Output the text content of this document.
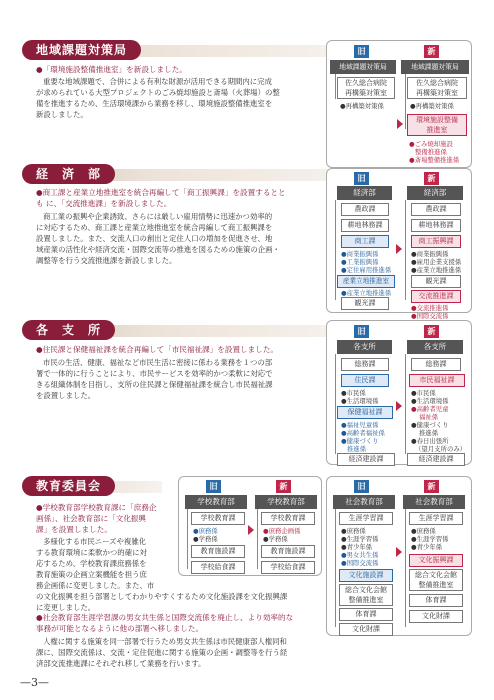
地域課題対策局
●「環境施設整備推進室」を新設しました。
重要な地域課題で、合併による有利な財源が活用できる期間内に完成
が求められている大型プロジェクトのごみ焼却施設と斎場（火葬場）の整
備を推進するため、生活環境課から業務を移し、環境施設整備推進室を
新設しました。
旧	新
地域課題対策局	地域課題対策局
佐久総合病院
再構築対策室
●再構築対策係
佐久総合病院
再構築対策室
●再構築対策係
環境施設整備
推進室
●ごみ焼却施設
整備推進係
●斎場整備推進係
経　済　部
●商工課と産業立地推進室を統合再編して「商工振興課」を設置するとと
も に、「交流推進課」を新設しました。
商工業の振興や企業誘致、さらには厳しい雇用情勢に迅速かつ効率的
に対応するため、商工課と産業立地推進室を統合再編して商工振興課を
設置しました。また、交流人口の創出と定住人口の増加を促進させ、地
域産業の活性化や経済交流・国際交流等の推進を図るための施策の企画・
調整等を行う交流推進課を新設しました。
旧	新
経済部	経済部
農政課
耕地林務課
商工課
●商業振興係
●工業振興係
●定住雇用推進係
産業立地推進室
●産業立地推進係
観光課
農政課
耕地林務課
商工振興課
●商業振興係
●雇用企業支援係
●産業立地推進係
観光課
交流推進課
●交流推進係
●国際交流係
各　支　所
●住民課と保健福祉課を統合再編して「市民福祉課」を設置しました。
市民の生活、健康、福祉など市民生活に密接に係わる業務を１つの部
署で一体的に行うことにより、市民サービスを効率的かつ柔軟に対応で
きる組織体制を目指し、支所の住民課と保健福祉課を統合し市民福祉課
を設置しました。
旧	新
各支所	各支所
総務課
住民課
●市民係
●生活環境係
保健福祉課
●福祉児童係
●高齢者福祉係
●健康づくり
推進係
経済建設課
総務課
市民福祉課
●市民係
●生活環境係
●高齢者児童
福祉係
●健康づくり
推進係
●春日出張所
（望月支所のみ）
経済建設課
教育委員会
●学校教育部学校教育課に「庶務企
画係」、社会教育部に「文化振興
課」を設置しました。
多様化する市民ニーズや複雑化
する教育環境に柔軟かつ的確に対
応するため、学校教育課庶務係を
教育施策の企画立案機能を担う庶
務企画係に変更しました。また、市
の文化振興を担う部署としてわかりやすくするため文化施設課を文化振興課
に変更しました。
●社会教育部生涯学習課の男女共生係と国際交流係を廃止し、より効率的な
事務が可能となるように他の部署へ移しました。
人権に関する施策を同一部署で行うため男女共生係は市民健康部人権同和
課に、国際交流係は、交流・定住促進に関する施策の企画・調整等を行う経
済部交流推進課にそれぞれ移して業務を行います。
旧	新
学校教育部	学校教育部
学校教育課
●庶務係
●学務係
教育施設課
学校給食課
学校教育課
●庶務企画係
●学務係
教育施設課
学校給食課
旧	新
社会教育部	社会教育部
生涯学習課
●庶務係
●生涯学習係
●青少年係
●男女共生係
●国際交流係
文化施設課
総合文化会館
整備推進室
体育課
文化財課
生涯学習課
●庶務係
●生涯学習係
●青少年係
文化振興課
総合文化会館
整備推進室
体育課
文化財課
—3—
